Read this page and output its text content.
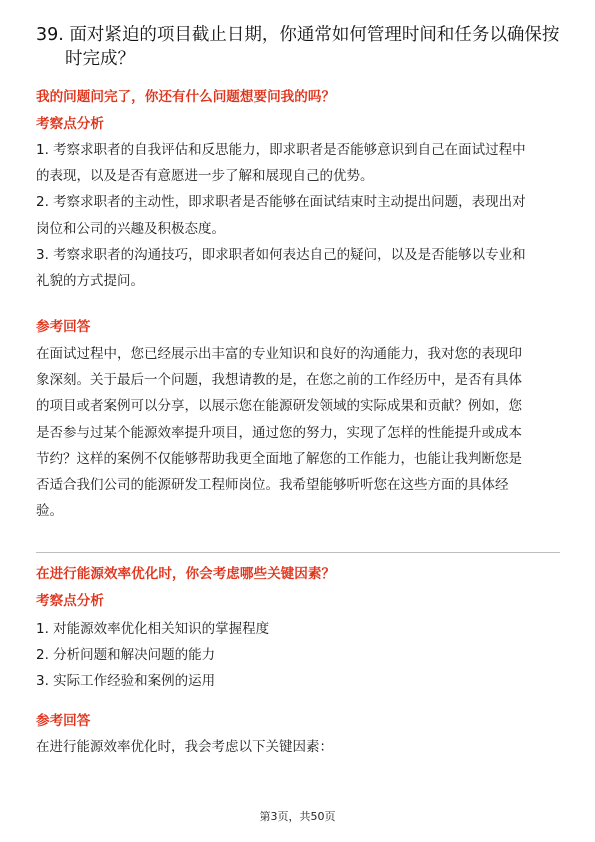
39. 面对紧迫的项目截止日期，你通常如何管理时间和任务以确保按
时完成？
我的问题问完了，你还有什么问题想要问我的吗？
考察点分析
1. 考察求职者的自我评估和反思能力，即求职者是否能够意识到自己在面试过程中
的表现，以及是否有意愿进一步了解和展现自己的优势。
2. 考察求职者的主动性，即求职者是否能够在面试结束时主动提出问题，表现出对
岗位和公司的兴趣及积极态度。
3. 考察求职者的沟通技巧，即求职者如何表达自己的疑问，以及是否能够以专业和
礼貌的方式提问。
参考回答
在面试过程中，您已经展示出丰富的专业知识和良好的沟通能力，我对您的表现印
象深刻。关于最后一个问题，我想请教的是，在您之前的工作经历中，是否有具体
的项目或者案例可以分享，以展示您在能源研发领域的实际成果和贡献？例如，您
是否参与过某个能源效率提升项目，通过您的努力，实现了怎样的性能提升或成本
节约？这样的案例不仅能够帮助我更全面地了解您的工作能力，也能让我判断您是
否适合我们公司的能源研发工程师岗位。我希望能够听听您在这些方面的具体经
验。
在进行能源效率优化时，你会考虑哪些关键因素？
考察点分析
1. 对能源效率优化相关知识的掌握程度
2. 分析问题和解决问题的能力
3. 实际工作经验和案例的运用
参考回答
在进行能源效率优化时，我会考虑以下关键因素：
第3页，共50页
